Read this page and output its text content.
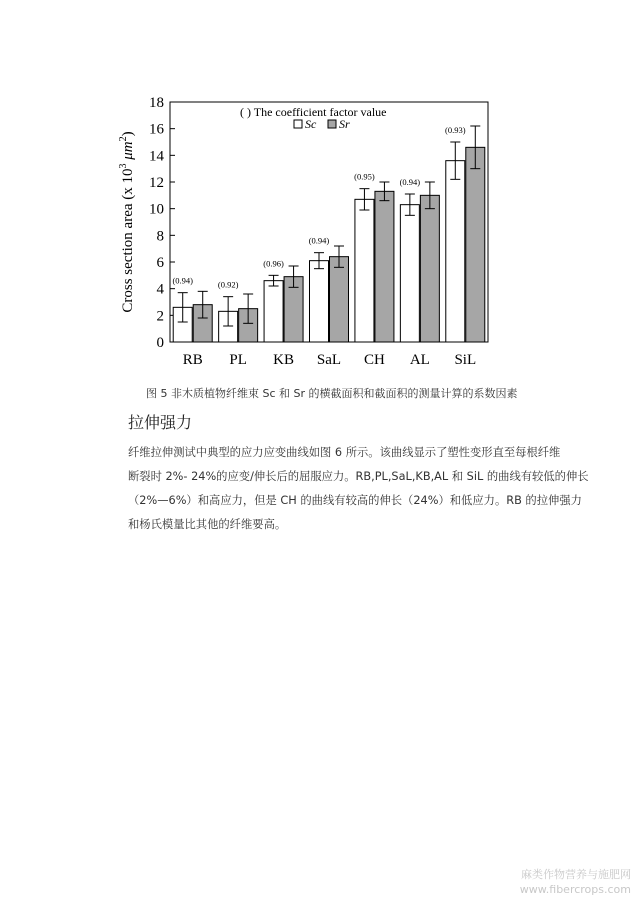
0
2
4
6
8
10
12
14
16
18
Cross section area (x $10^3$ $\mu m^2$)
(0.94)
RB
(0.92)
PL
(0.96)
KB
(0.94)
SaL
(0.95)
CH
(0.94)
AL
(0.93)
SiL
( ) The coefficient factor value
Sc Sr
图 5 非木质植物纤维束 Sc 和 Sr 的横截面积和截面积的测量计算的系数因素
拉伸强力
纤维拉伸测试中典型的应力应变曲线如图 6 所示。该曲线显示了塑性变形直至每根纤维
断裂时 2%- 24%的应变/伸长后的屈服应力。RB,PL,SaL,KB,AL 和 SiL 的曲线有较低的伸长
（2%—6%）和高应力，但是 CH 的曲线有较高的伸长（24%）和低应力。RB 的拉伸强力
和杨氏模量比其他的纤维要高。
麻类作物营养与施肥网
www.fibercrops.com
